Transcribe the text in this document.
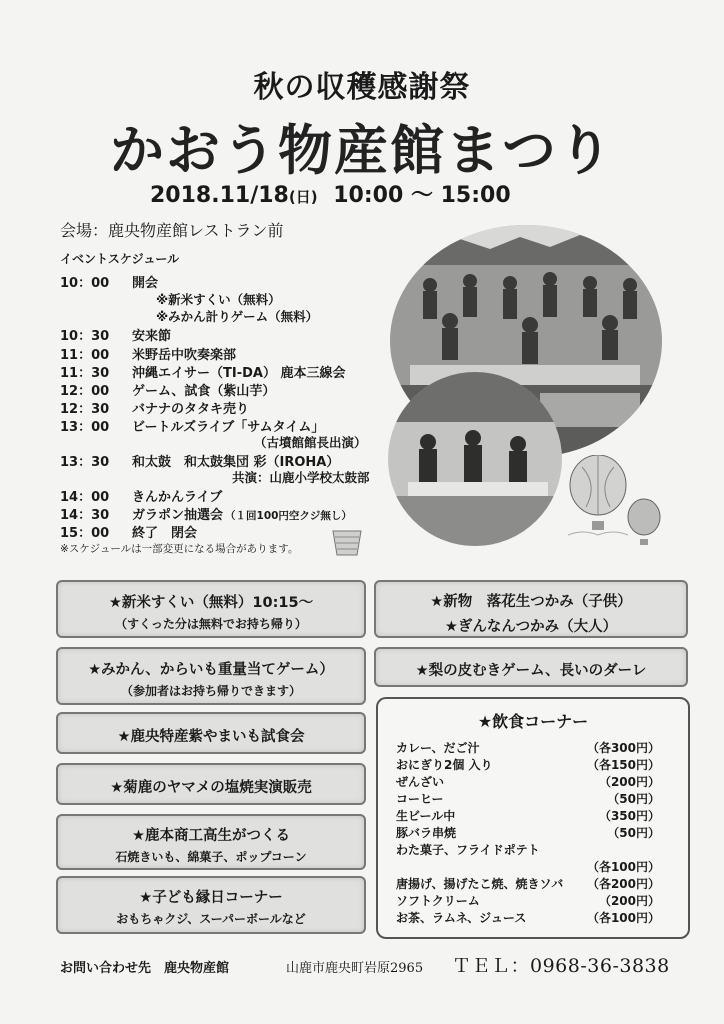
秋の収穫感謝祭
かおう物産館まつり
2018.11/18(日) 10:00 ～ 15:00
会場：鹿央物産館レストラン前
イベントスケジュール
10：00 開会
※新米すくい（無料）
※みかん計りゲーム（無料）
10：30 安来節
11：00 米野岳中吹奏楽部
11：30 沖縄エイサー（TI-DA） 鹿本三線会
12：00 ゲーム、試食（紫山芋）
12：30 バナナのタタキ売り
13：00 ビートルズライブ「サムタイム」
（古墳館館長出演）
13：30 和太鼓　和太鼓集団 彩（IROHA）
共演：山鹿小学校太鼓部
14：00 きんかんライブ
14：30 ガラポン抽選会 （１回100円空クジ無し）
15：00 終了　閉会
※スケジュールは一部変更になる場合があります。
★新米すくい（無料）10:15～
（すくった分は無料でお持ち帰り）
★みかん、からいも重量当てゲーム）
（参加者はお持ち帰りできます）
★鹿央特産紫やまいも試食会
★菊鹿のヤマメの塩焼実演販売
★鹿本商工高生がつくる
石焼きいも、綿菓子、ポップコーン
★子ども縁日コーナー
おもちゃクジ、スーパーボールなど
★新物　落花生つかみ（子供）
★ぎんなんつかみ（大人）
★梨の皮むきゲーム、長いのダーレ
★飲食コーナー
カレー、だご汁	（各300円）
おにぎり2個 入り	（各150円）
ぜんざい	（200円）
コーヒー	（50円）
生ビール中	（350円）
豚バラ串焼	（50円）
わた菓子、フライドポテト
（各100円）
唐揚げ、揚げたこ焼、焼きソバ （各200円）
ソフトクリーム	（200円）
お茶、ラムネ、ジュース	（各100円）
お問い合わせ先　鹿央物産館	山鹿市鹿央町岩原2965 ＴＥＬ：0968-36-3838
